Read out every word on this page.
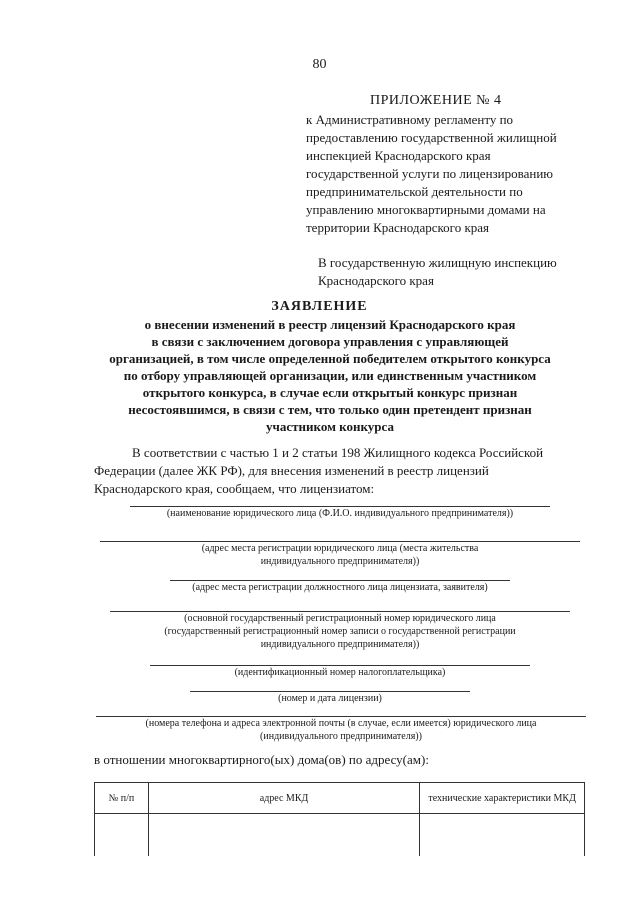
80
ПРИЛОЖЕНИЕ № 4
к Административному регламенту по
предоставлению государственной жилищной
инспекцией Краснодарского края
государственной услуги по лицензированию
предпринимательской деятельности по
управлению многоквартирными домами на
территории Краснодарского края
В государственную жилищную инспекцию
Краснодарского края
ЗАЯВЛЕНИЕ
о внесении изменений в реестр лицензий Краснодарского края
в связи с заключением договора управления с управляющей
организацией, в том числе определенной победителем открытого конкурса
по отбору управляющей организации, или единственным участником
открытого конкурса, в случае если открытый конкурс признан
несостоявшимся, в связи с тем, что только один претендент признан
участником конкурса
В соответствии с частью 1 и 2 статьи 198 Жилищного кодекса Российской
Федерации (далее ЖК РФ), для внесения изменений в реестр лицензий
Краснодарского края, сообщаем, что лицензиатом:
(наименование юридического лица (Ф.И.О. индивидуального предпринимателя))
(адрес места регистрации юридического лица (места жительства
индивидуального предпринимателя))
(адрес места регистрации должностного лица лицензиата, заявителя)
(основной государственный регистрационный номер юридического лица
(государственный регистрационный номер записи о государственной регистрации
индивидуального предпринимателя))
(идентификационный номер налогоплательщика)
(номер и дата лицензии)
(номера телефона и адреса электронной почты (в случае, если имеется) юридического лица
(индивидуального предпринимателя))
в отношении многоквартирного(ых) дома(ов) по адресу(ам):
№ п/п	адрес МКД	технические характеристики МКД
